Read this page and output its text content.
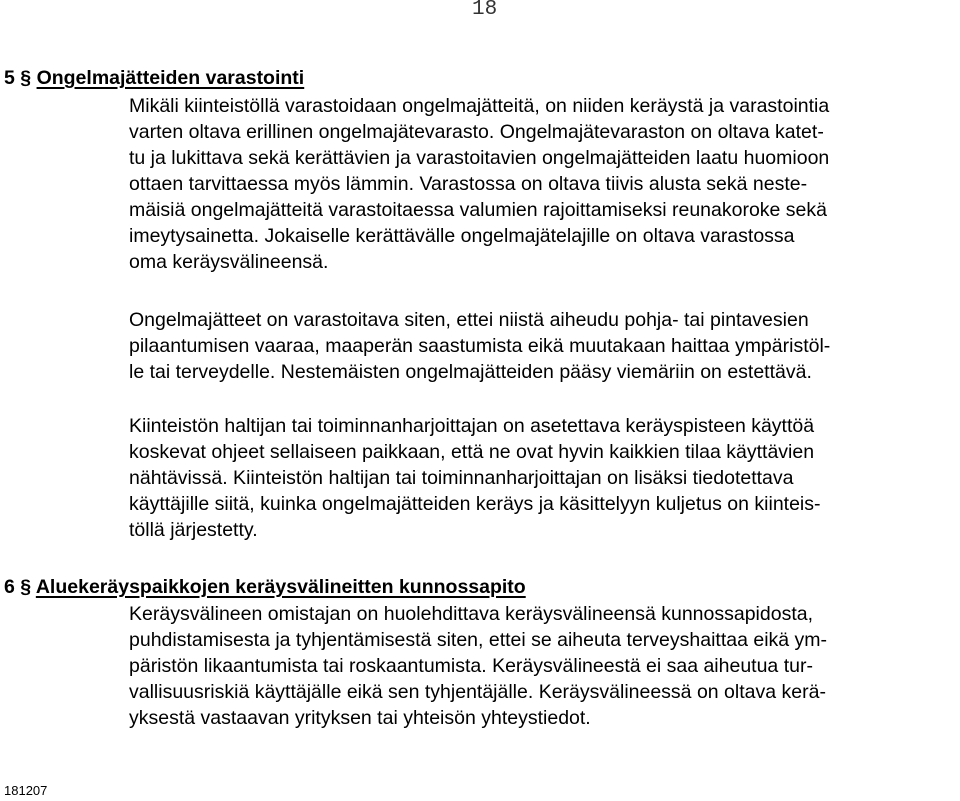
18
5 § Ongelmajätteiden varastointi
Mikäli kiinteistöllä varastoidaan ongelmajätteitä, on niiden keräystä ja varastointia
varten oltava erillinen ongelmajätevarasto. Ongelmajätevaraston on oltava katet-
tu ja lukittava sekä kerättävien ja varastoitavien ongelmajätteiden laatu huomioon
ottaen tarvittaessa myös lämmin. Varastossa on oltava tiivis alusta sekä neste-
mäisiä ongelmajätteitä varastoitaessa valumien rajoittamiseksi reunakoroke sekä
imeytysainetta. Jokaiselle kerättävälle ongelmajätelajille on oltava varastossa
oma keräysvälineensä.
Ongelmajätteet on varastoitava siten, ettei niistä aiheudu pohja- tai pintavesien
pilaantumisen vaaraa, maaperän saastumista eikä muutakaan haittaa ympäristöl-
le tai terveydelle. Nestemäisten ongelmajätteiden pääsy viemäriin on estettävä.
Kiinteistön haltijan tai toiminnanharjoittajan on asetettava keräyspisteen käyttöä
koskevat ohjeet sellaiseen paikkaan, että ne ovat hyvin kaikkien tilaa käyttävien
nähtävissä. Kiinteistön haltijan tai toiminnanharjoittajan on lisäksi tiedotettava
käyttäjille siitä, kuinka ongelmajätteiden keräys ja käsittelyyn kuljetus on kiinteis-
töllä järjestetty.
6 § Aluekeräyspaikkojen keräysvälineitten kunnossapito
Keräysvälineen omistajan on huolehdittava keräysvälineensä kunnossapidosta,
puhdistamisesta ja tyhjentämisestä siten, ettei se aiheuta terveyshaittaa eikä ym-
päristön likaantumista tai roskaantumista. Keräysvälineestä ei saa aiheutua tur-
vallisuusriskiä käyttäjälle eikä sen tyhjentäjälle. Keräysvälineessä on oltava kerä-
yksestä vastaavan yrityksen tai yhteisön yhteystiedot.
181207
